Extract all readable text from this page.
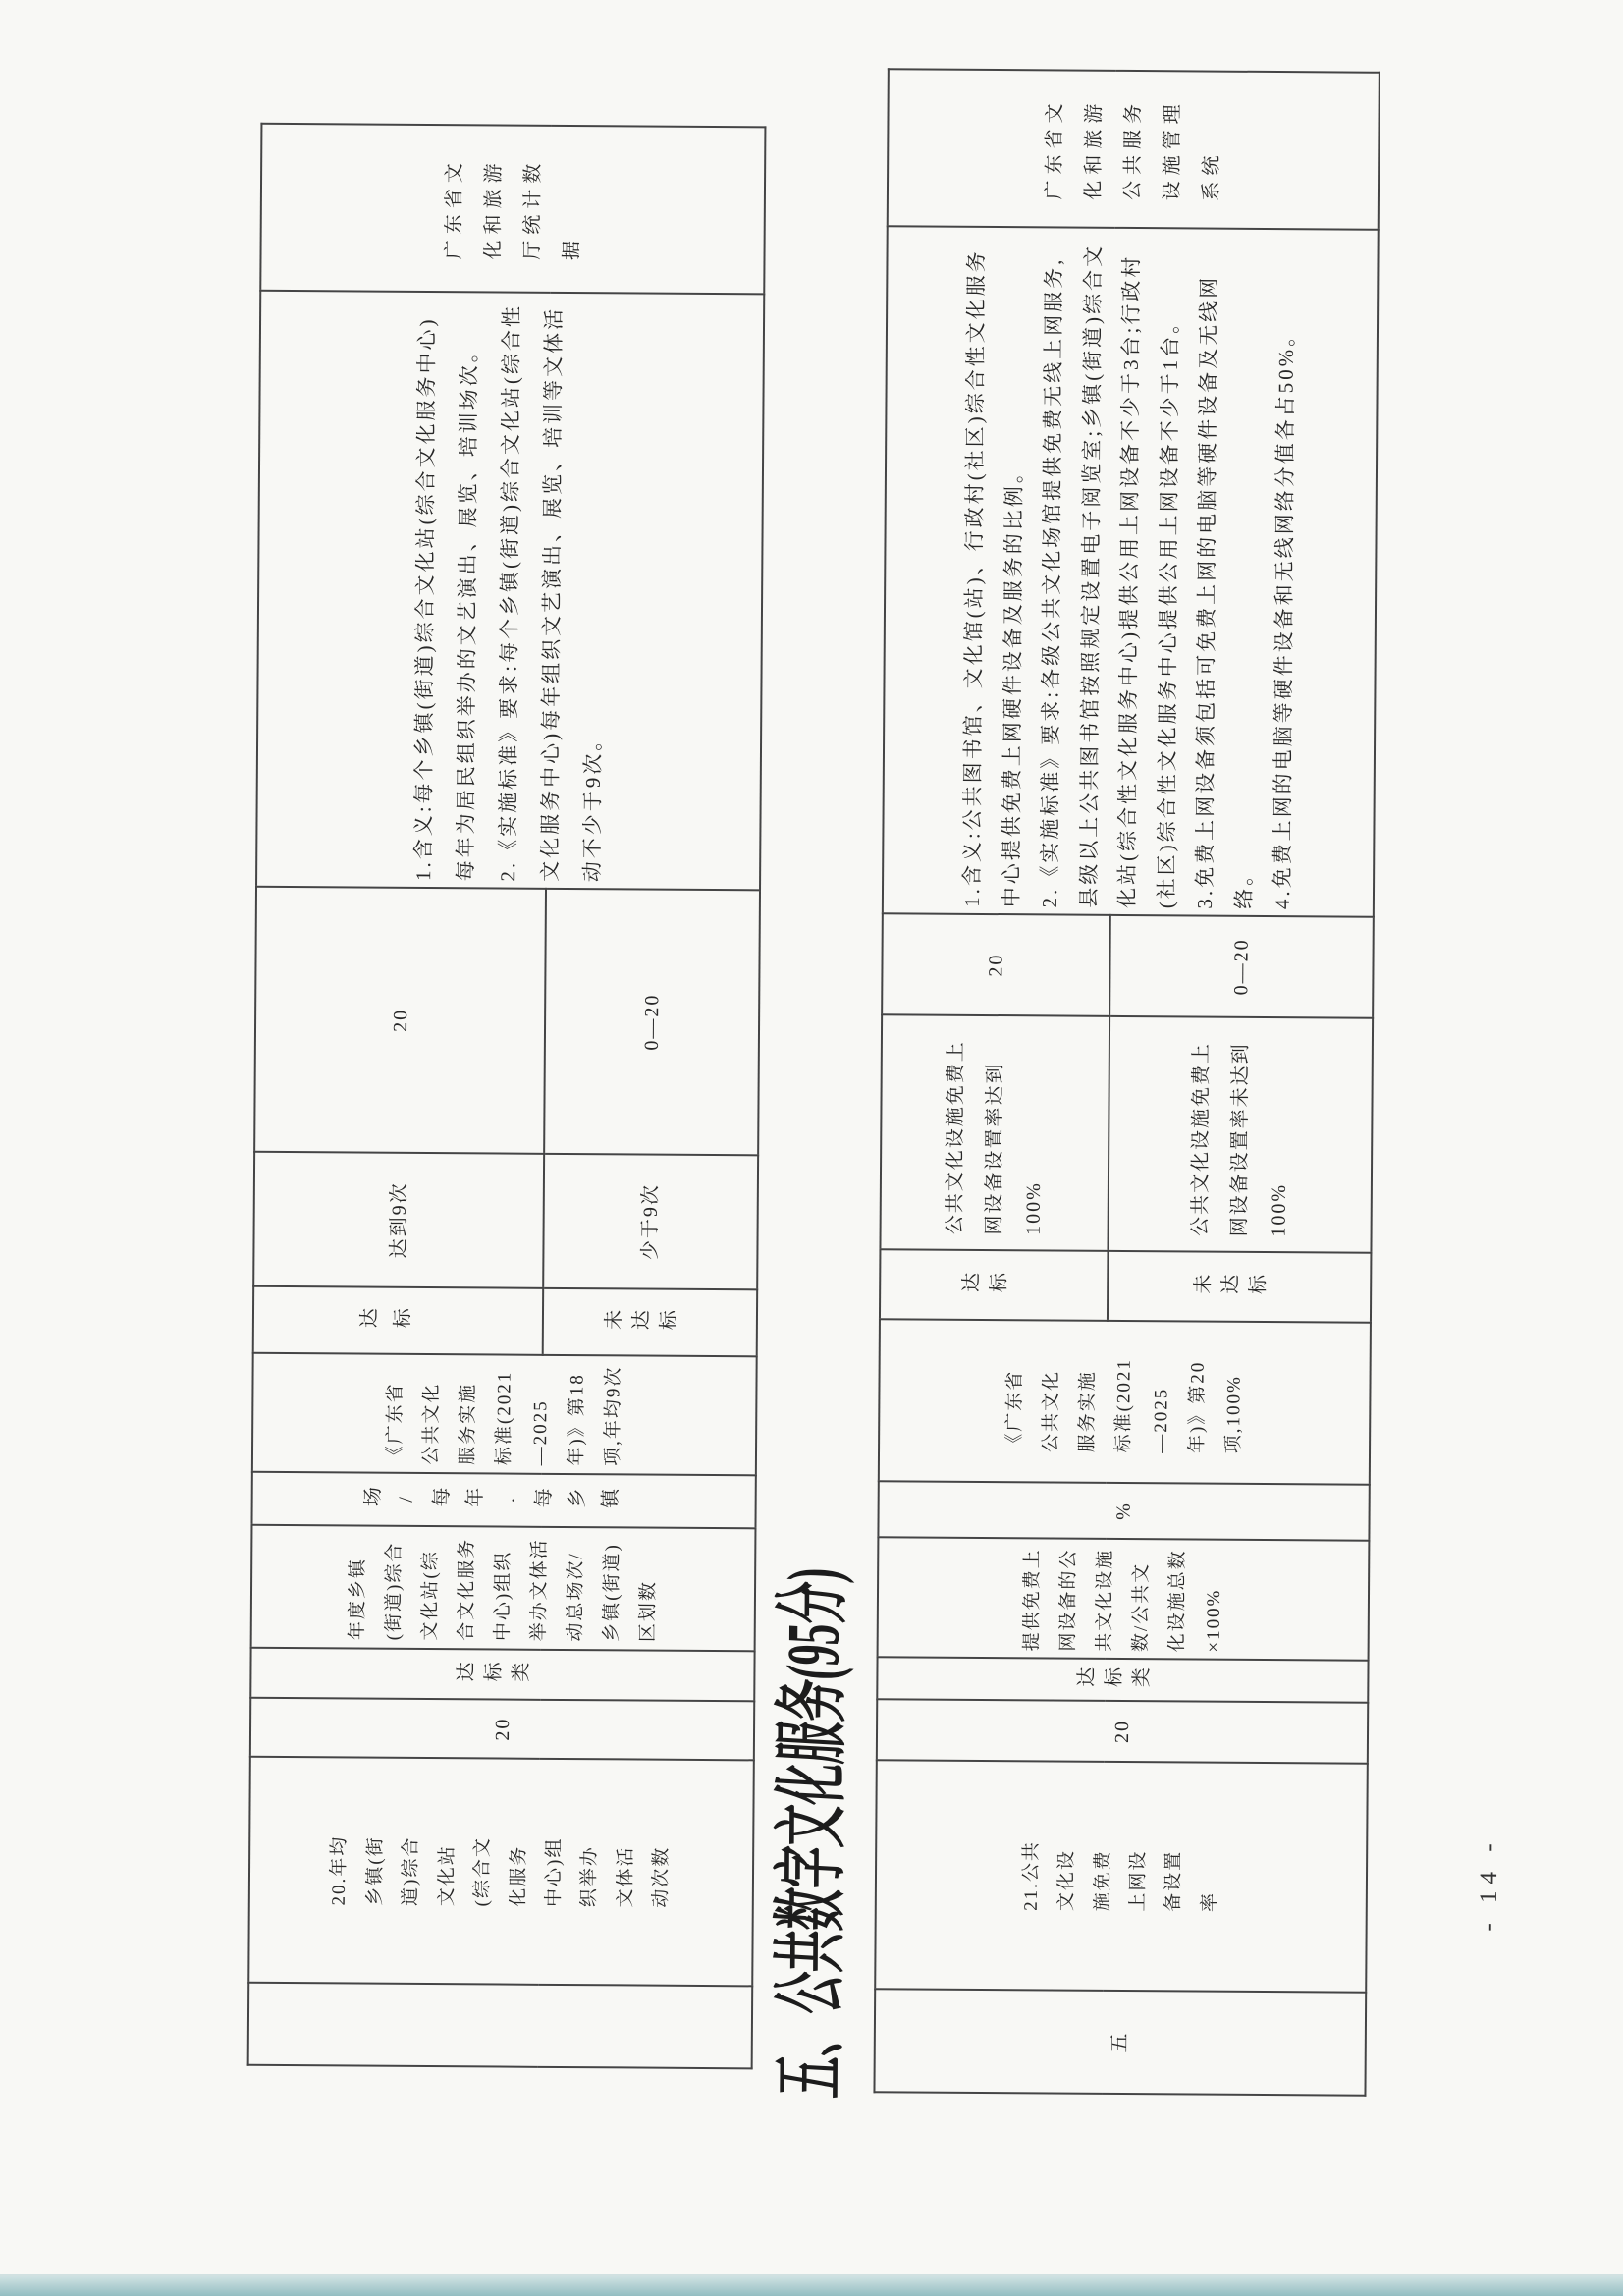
	20.年均乡镇(街道)综合文化站(综合文化服务中心)组织举办文体活动次数	20	达标类	年度乡镇(街道)综合文化站(综合文化服务中心)组织举办文体活动总场次/乡镇(街道)区划数	场/每年.每乡镇	《广东省公共文化服务实施标准(2021—2025年)》第18项,年均9次	达标	达到9次	20	1.含义:每个乡镇(街道)综合文化站(综合文化服务中心)每年为居民组织举办的文艺演出、展览、培训场次。 2.《实施标准》要求:每个乡镇(街道)综合文化站(综合性文化服务中心)每年组织文艺演出、展览、培训等文体活动不少于9次。	广东省文化和旅游厅统计数据

							未达标	少于9次	0—20		
五、公共数字文化服务(95分)	五	21.公共文化设施免费上网设备设置率	20	达标类	提供免费上网设备的公共文化设施数/公共文化设施总数×100%	%	《广东省公共文化服务实施标准(2021—2025年)》第20项,100%	达标	公共文化设施免费上网设备设置率达到100%	20	1.含义:公共图书馆、文化馆(站)、行政村(社区)综合性文化服务中心提供免费上网硬件设备及服务的比例。 2.《实施标准》要求:各级公共文化场馆提供免费无线上网服务,县级以上公共图书馆按照规定设置电子阅览室;乡镇(街道)综合文化站(综合性文化服务中心)提供公用上网设备不少于3台;行政村(社区)综合性文化服务中心提供公用上网设备不少于1台。 3.免费上网设备须包括可免费上网的电脑等硬件设备及无线网络。 4.免费上网的电脑等硬件设备和无线网络分值各占50%。	广东省文化和旅游公共服务设施管理系统

							未达标	公共文化设施免费上网设备设置率未达到100%	0—20		
- 14 -
